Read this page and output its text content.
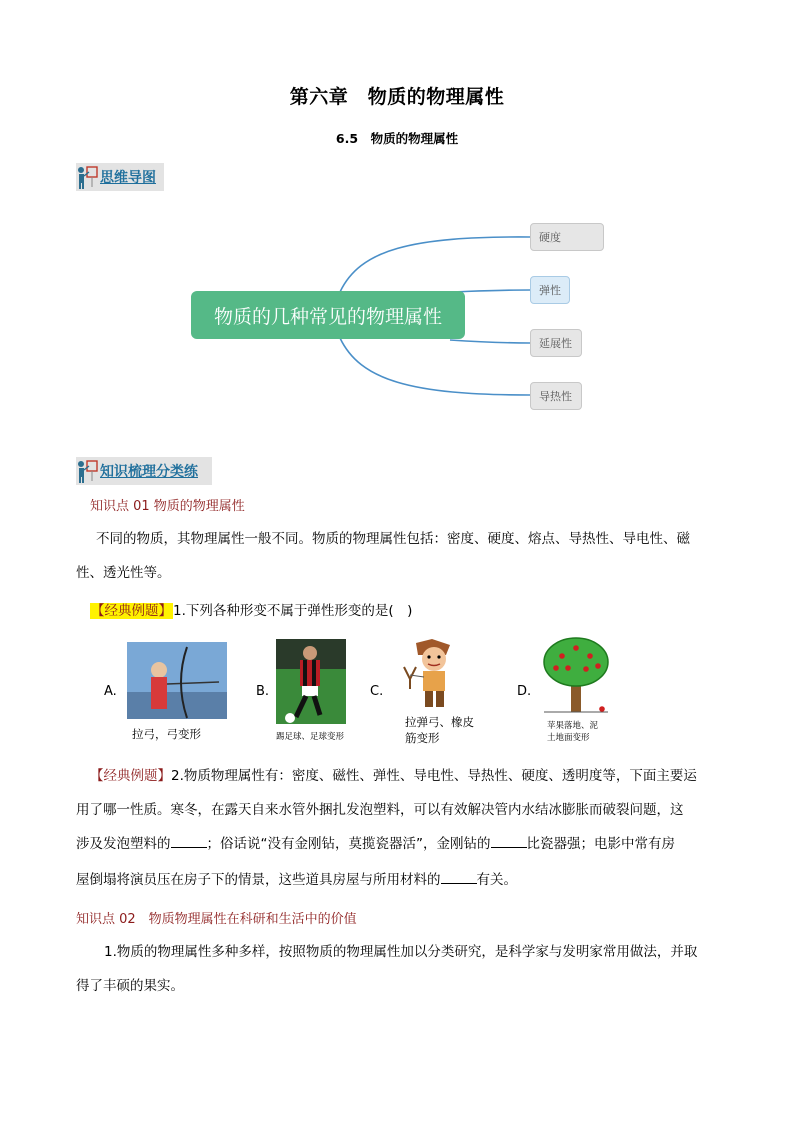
第六章　物质的物理属性
6.5　物质的物理属性
思维导图
物质的几种常见的物理属性
硬度
弹性
延展性
导热性
知识梳理分类练
知识点 01 物质的物理属性
不同的物质，其物理属性一般不同。物质的物理属性包括：密度、硬度、熔点、导热性、导电性、磁
性、透光性等。
【经典例题】1.下列各种形变不属于弹性形变的是(　)
A.
拉弓，弓变形
B.
踢足球、足球变形
C.
拉弹弓、橡皮
筋变形
D.
苹果落地、泥
土地面变形
【经典例题】2.物质物理属性有：密度、磁性、弹性、导电性、导热性、硬度、透明度等，下面主要运
用了哪一性质。寒冬，在露天自来水管外捆扎发泡塑料，可以有效解决管内水结冰膨胀而破裂问题，这
涉及发泡塑料的	；俗话说“没有金刚钻，莫揽瓷器活”，金刚钻的	比瓷器强；电影中常有房
屋倒塌将演员压在房子下的情景，这些道具房屋与所用材料的	有关。
知识点 02　物质物理属性在科研和生活中的价值
1.物质的物理属性多种多样，按照物质的物理属性加以分类研究，是科学家与发明家常用做法，并取
得了丰硕的果实。
